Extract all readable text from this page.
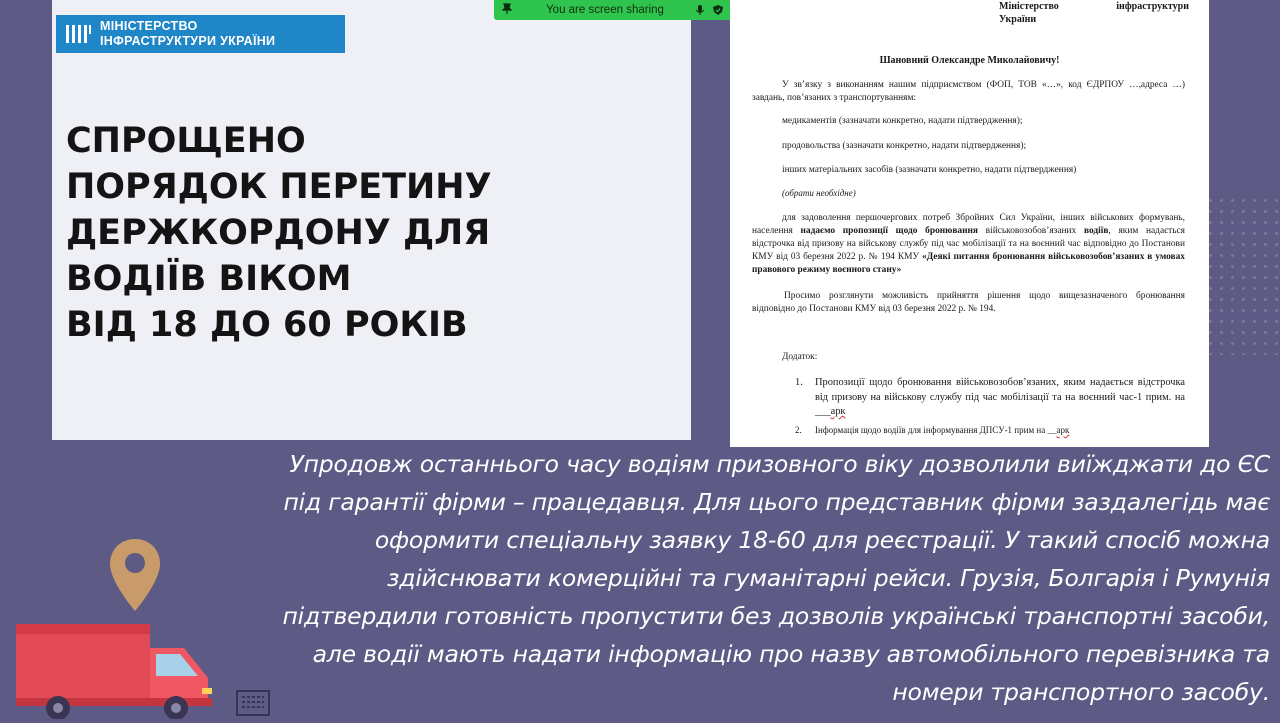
МІНІСТЕРСТВО
ІНФРАСТРУКТУРИ УКРАЇНИ
СПРОЩЕНО
ПОРЯДОК ПЕРЕТИНУ
ДЕРЖКОРДОНУ ДЛЯ
ВОДІЇВ ВІКОМ
ВІД 18 ДО 60 РОКІВ
You are screen sharing	Міністерство інфраструктури

України

Шановний Олександре Миколайовичу!

У зв’язку з виконанням нашим підприємством (ФОП, ТОВ «…», код ЄДРПОУ …,адреса …) завдань, пов’язаних з транспортуванням:

медикаментів (зазначати конкретно, надати підтвердження);

продовольства (зазначати конкретно, надати підтвердження);

інших матеріальних засобів (зазначати конкретно, надати підтвердження)

(обрати необхідне)

для задоволення першочергових потреб Збройних Сил України, інших військових формувань, населення надаємо пропозиції щодо бронювання військовозобов’язаних водіїв, яким надається відстрочка від призову на військову службу під час мобілізації та на воєнний час відповідно до Постанови КМУ від 03 березня 2022 р. № 194 КМУ «Деякі питання бронювання військовозобов’язаних в умовах правового режиму воєнного стану»

Просимо розглянути можливість прийняття рішення щодо вищезазначеного бронювання відповідно до Постанови КМУ від 03 березня 2022 р. № 194.

Додаток:

1. Пропозиції щодо бронювання військовозобов’язаних, яким надається відстрочка від призову на військову службу під час мобілізації та на воєнний час-1 прим. на ___арк

2. Інформація щодо водіїв для інформування ДПСУ-1 прим на __арк

Упродовж останнього часу водіям призовного віку дозволили виїжджати до ЄС
під гарантії фірми – працедавця. Для цього представник фірми заздалегідь має
оформити спеціальну заявку 18-60 для реєстрації. У такий спосіб можна
здійснювати комерційні та гуманітарні рейси. Грузія, Болгарія і Румунія
підтвердили готовність пропустити без дозволів українські транспортні засоби,
але водії мають надати інформацію про назву автомобільного перевізника та
номери транспортного засобу.
